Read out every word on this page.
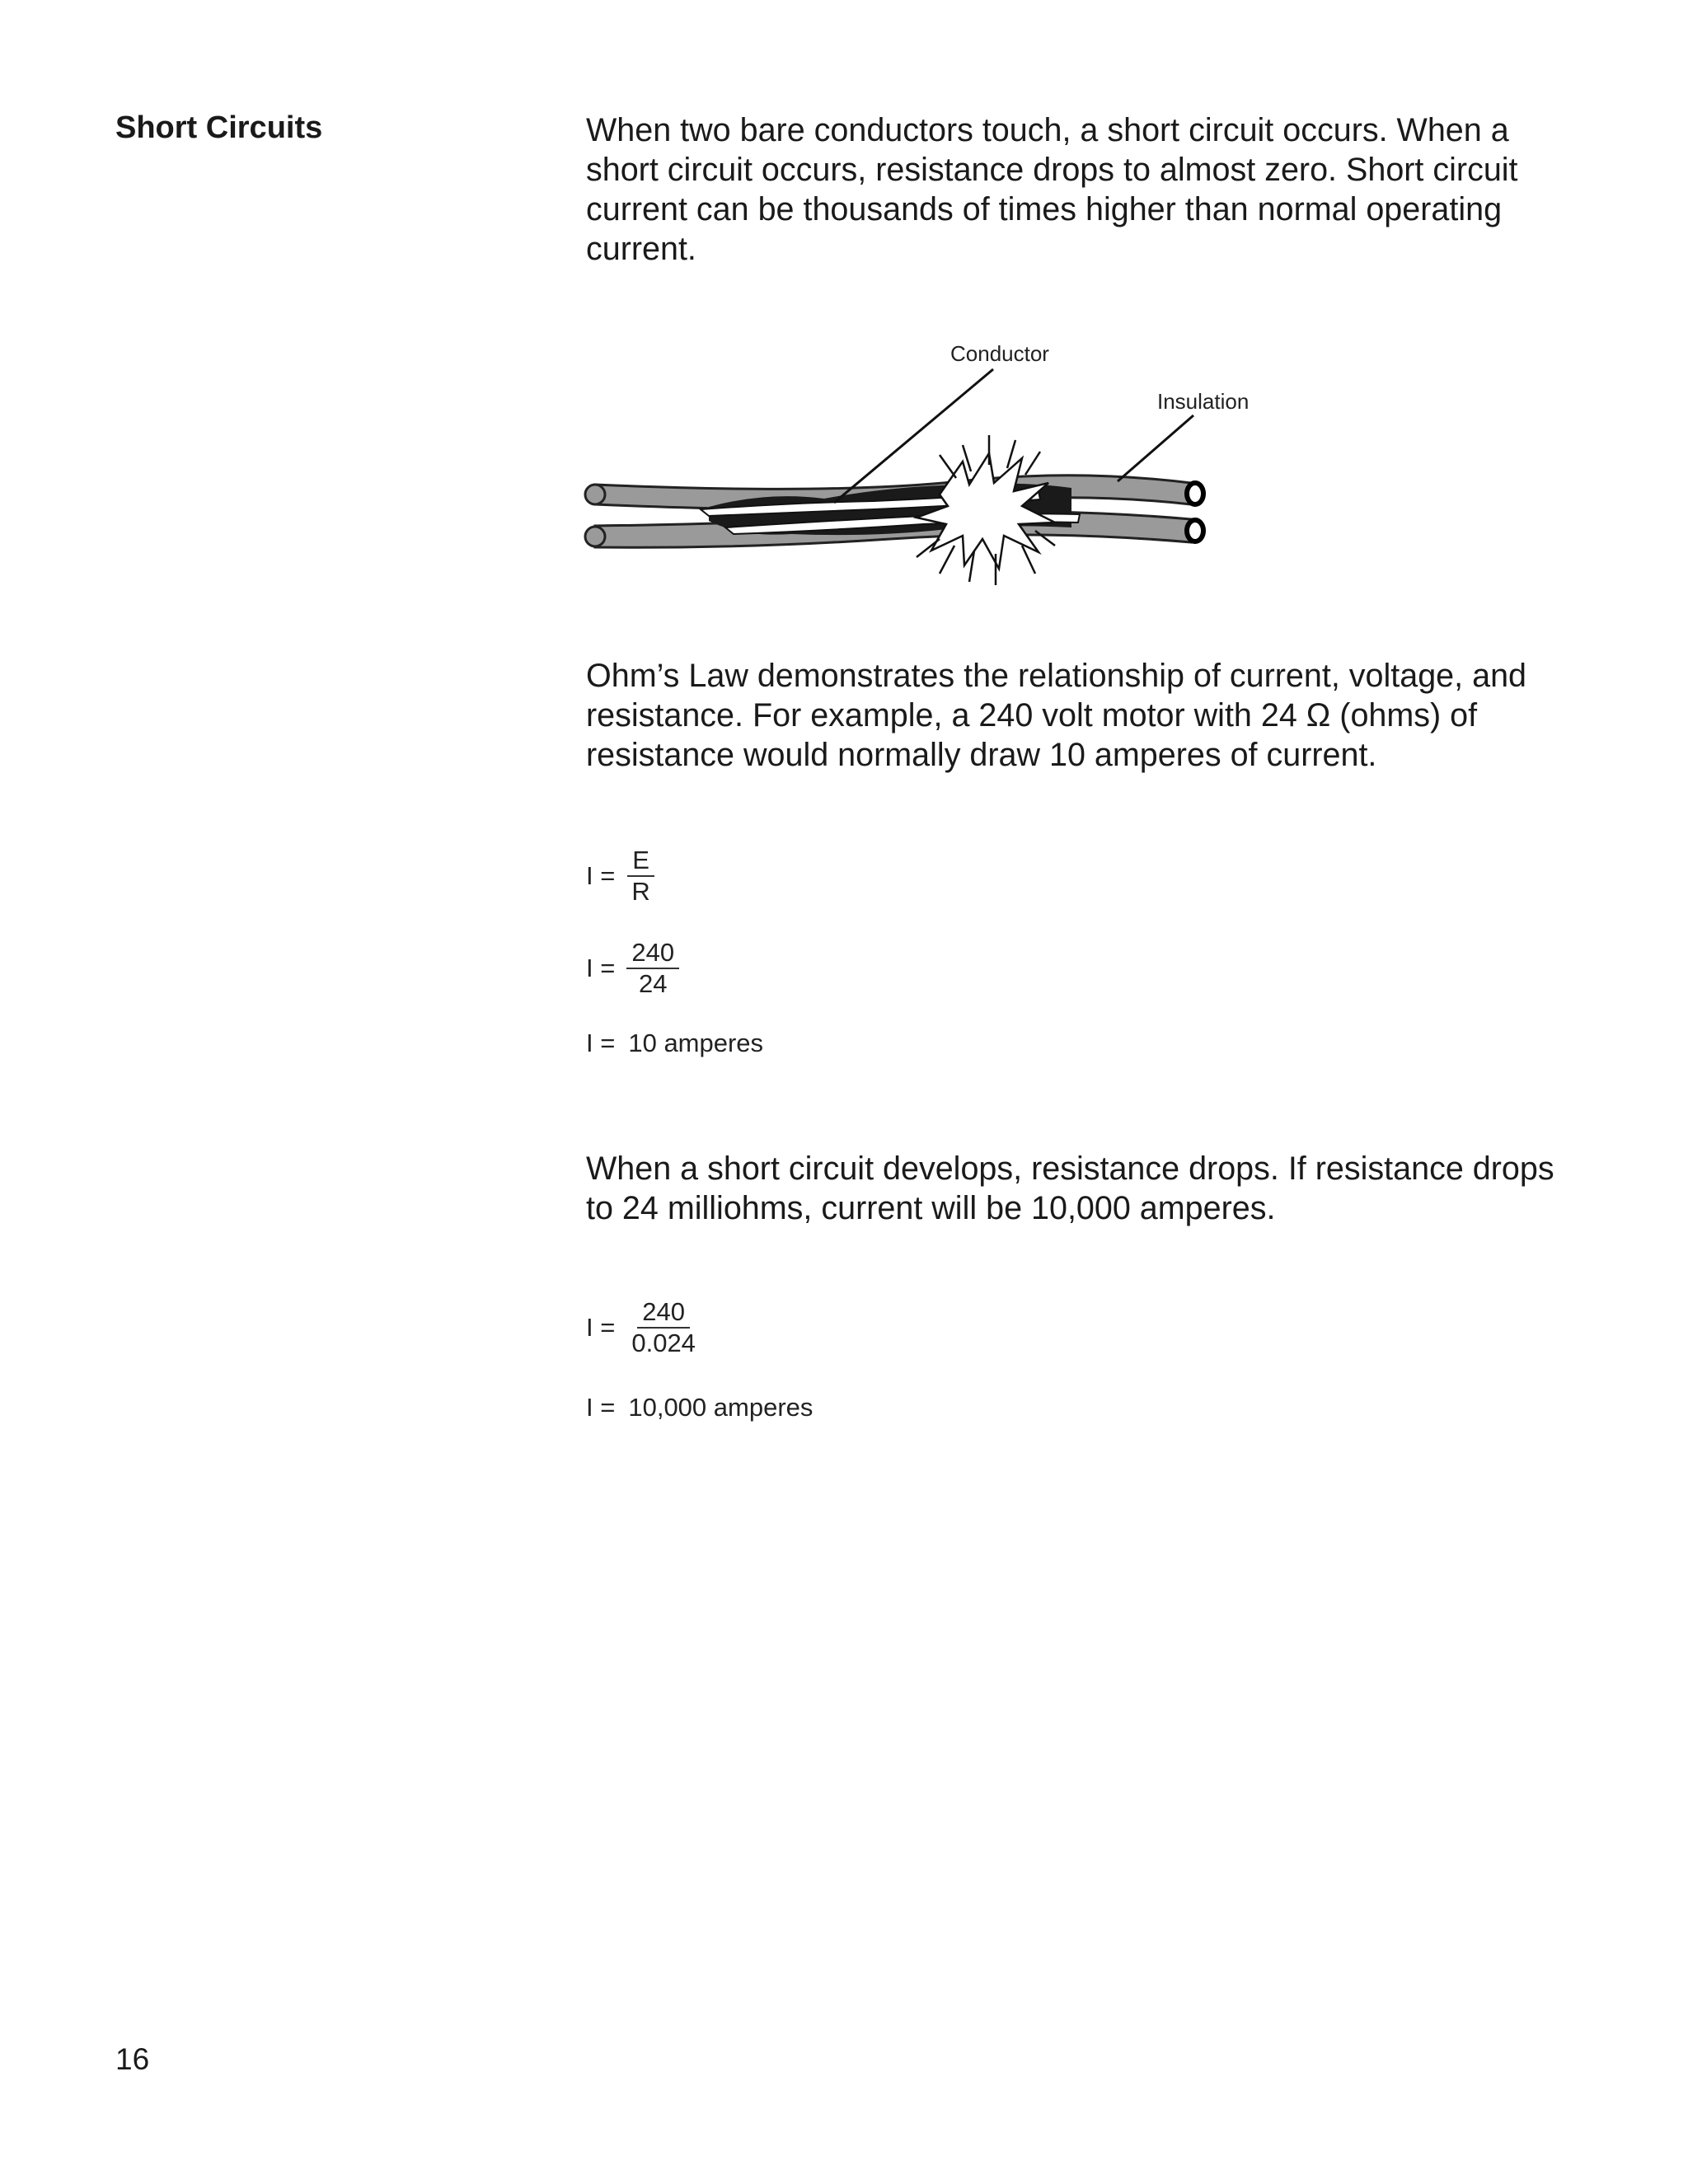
Short Circuits	When two bare conductors touch, a short circuit occurs. When a short circuit occurs, resistance drops to almost zero. Short circuit current can be thousands of times higher than normal operating current.

Conductor
Insulation

Ohm’s Law demonstrates the relationship of current, voltage, and resistance. For example, a 240 volt motor with 24 Ω (ohms) of resistance would normally draw 10 amperes of current.

$I = \frac{E}{R}$
$I = \frac{240}{24}$
I = 10 amperes

When a short circuit develops, resistance drops. If resistance drops to 24 milliohms, current will be 10,000 amperes.

$I = \frac{240}{0.024}$
I = 10,000 amperes

16
